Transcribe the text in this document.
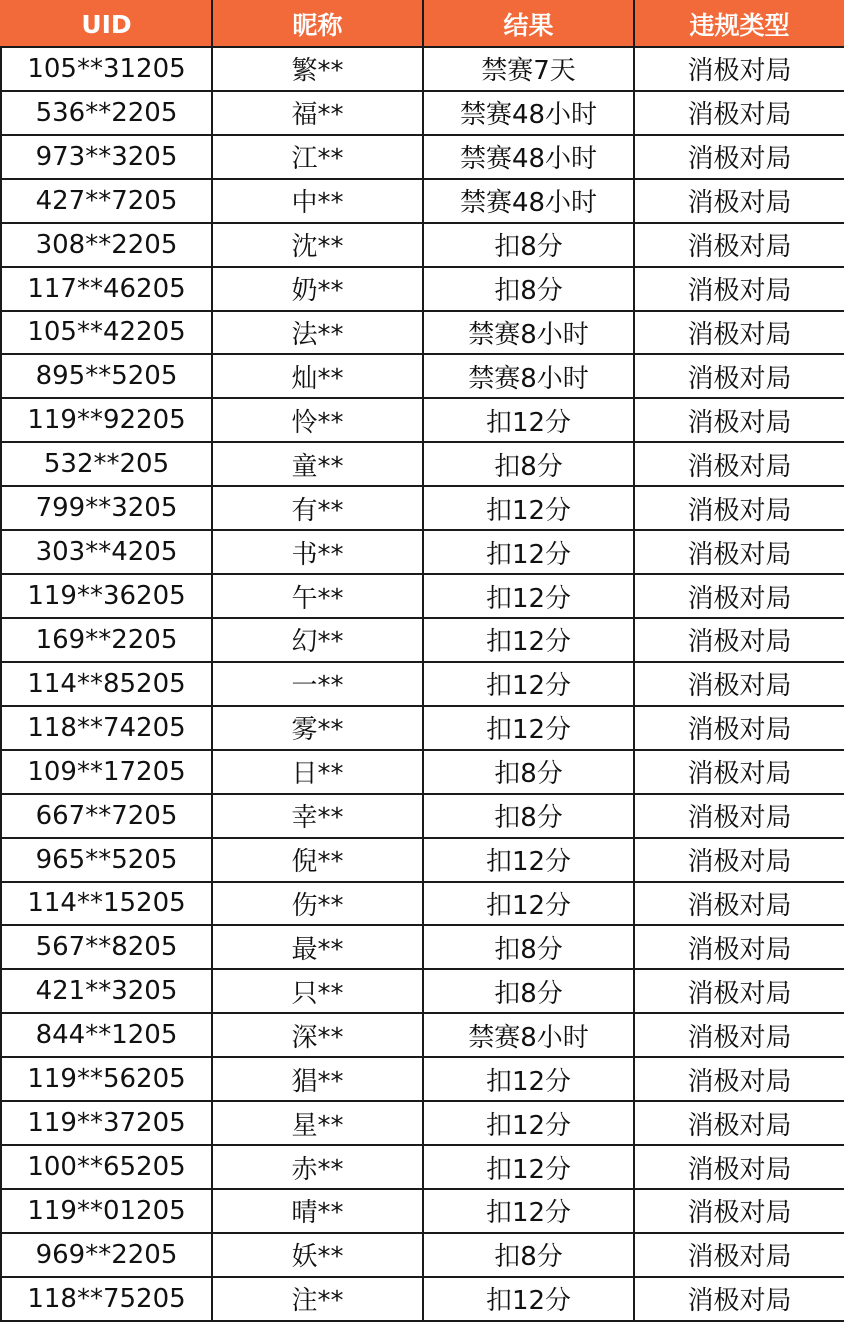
UID	昵称	结果	违规类型
105**31205	繁**	禁赛7天	消极对局
536**2205	福**	禁赛48小时	消极对局
973**3205	江**	禁赛48小时	消极对局
427**7205	中**	禁赛48小时	消极对局
308**2205	沈**	扣8分	消极对局
117**46205	奶**	扣8分	消极对局
105**42205	法**	禁赛8小时	消极对局
895**5205	灿**	禁赛8小时	消极对局
119**92205	怜**	扣12分	消极对局
532**205	童**	扣8分	消极对局
799**3205	有**	扣12分	消极对局
303**4205	书**	扣12分	消极对局
119**36205	午**	扣12分	消极对局
169**2205	幻**	扣12分	消极对局
114**85205	一**	扣12分	消极对局
118**74205	雾**	扣12分	消极对局
109**17205	日**	扣8分	消极对局
667**7205	幸**	扣8分	消极对局
965**5205	倪**	扣12分	消极对局
114**15205	伤**	扣12分	消极对局
567**8205	最**	扣8分	消极对局
421**3205	只**	扣8分	消极对局
844**1205	深**	禁赛8小时	消极对局
119**56205	猖**	扣12分	消极对局
119**37205	星**	扣12分	消极对局
100**65205	赤**	扣12分	消极对局
119**01205	晴**	扣12分	消极对局
969**2205	妖**	扣8分	消极对局
118**75205	注**	扣12分	消极对局
